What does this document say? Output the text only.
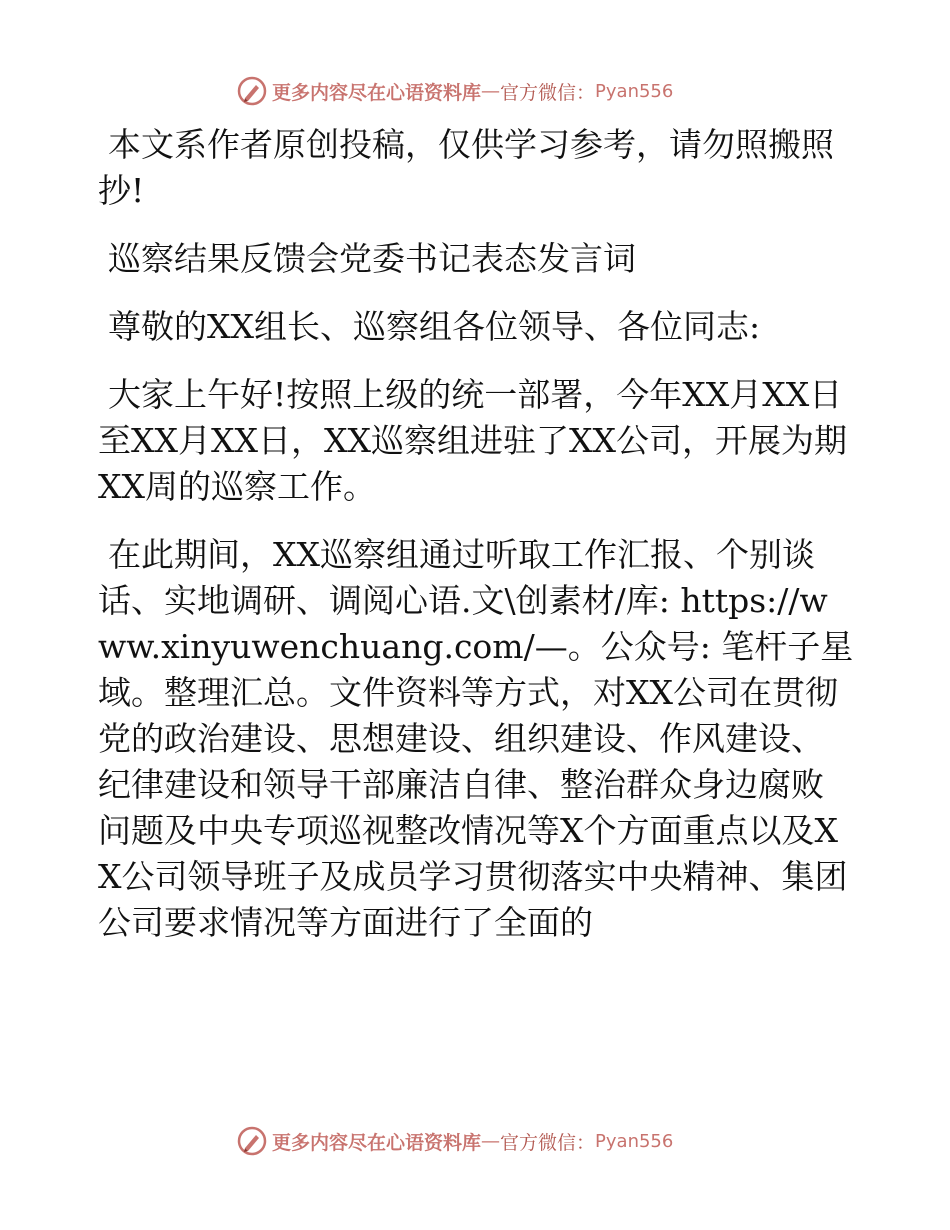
更多内容尽在心语资料库 — 官方微信： Pyan556

本文系作者原创投稿，仅供学习参考，请勿照搬照抄!

巡察结果反馈会党委书记表态发言词

尊敬的XX组长、巡察组各位领导、各位同志:

大家上午好!按照上级的统一部署，今年XX月XX日至XX月XX日，XX巡察组进驻了XX公司，开展为期XX周的巡察工作。

在此期间，XX巡察组通过听取工作汇报、个别谈话、实地调研、调阅心语.文\创素材/库: https://www.xinyuwenchuang.com/—。公众号: 笔杆子星域。整理汇总。文件资料等方式，对XX公司在贯彻党的政治建设、思想建设、组织建设、作风建设、纪律建设和领导干部廉洁自律、整治群众身边腐败问题及中央专项巡视整改情况等X个方面重点以及XX公司领导班子及成员学习贯彻落实中央精神、集团公司要求情况等方面进行了全面的

更多内容尽在心语资料库 — 官方微信： Pyan556
